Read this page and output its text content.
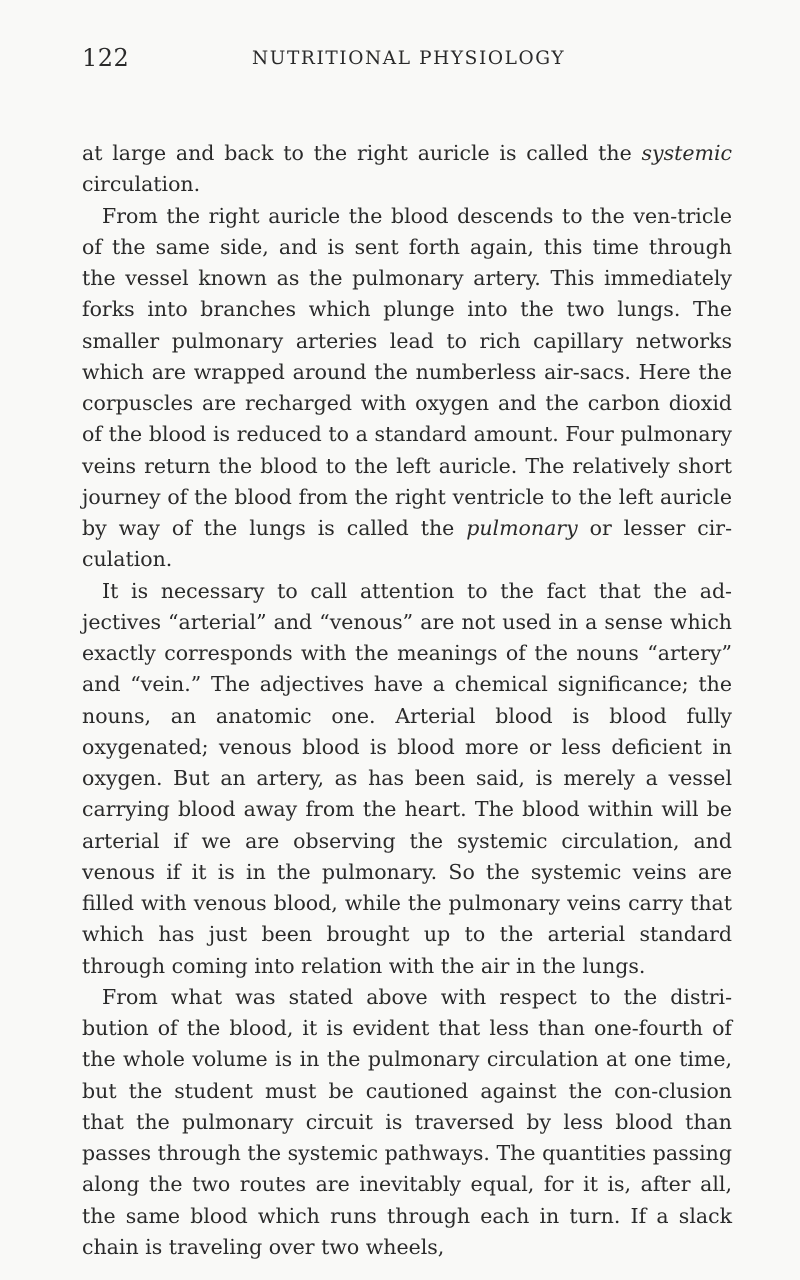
122	NUTRITIONAL PHYSIOLOGY

at large and back to the right auricle is called the systemic circulation.

From the right auricle the blood descends to the ven-tricle of the same side, and is sent forth again, this time through the vessel known as the pulmonary artery. This immediately forks into branches which plunge into the two lungs. The smaller pulmonary arteries lead to rich capillary networks which are wrapped around the numberless air-sacs. Here the corpuscles are recharged with oxygen and the carbon dioxid of the blood is reduced to a standard amount. Four pulmonary veins return the blood to the left auricle. The relatively short journey of the blood from the right ventricle to the left auricle by way of the lungs is called the pulmonary or lesser cir-culation.

It is necessary to call attention to the fact that the ad-jectives “arterial” and “venous” are not used in a sense which exactly corresponds with the meanings of the nouns “artery” and “vein.” The adjectives have a chemical significance; the nouns, an anatomic one. Arterial blood is blood fully oxygenated; venous blood is blood more or less deficient in oxygen. But an artery, as has been said, is merely a vessel carrying blood away from the heart. The blood within will be arterial if we are observing the systemic circulation, and venous if it is in the pulmonary. So the systemic veins are filled with venous blood, while the pulmonary veins carry that which has just been brought up to the arterial standard through coming into relation with the air in the lungs.

From what was stated above with respect to the distri-bution of the blood, it is evident that less than one-fourth of the whole volume is in the pulmonary circulation at one time, but the student must be cautioned against the con-clusion that the pulmonary circuit is traversed by less blood than passes through the systemic pathways. The quantities passing along the two routes are inevitably equal, for it is, after all, the same blood which runs through each in turn. If a slack chain is traveling over two wheels,
